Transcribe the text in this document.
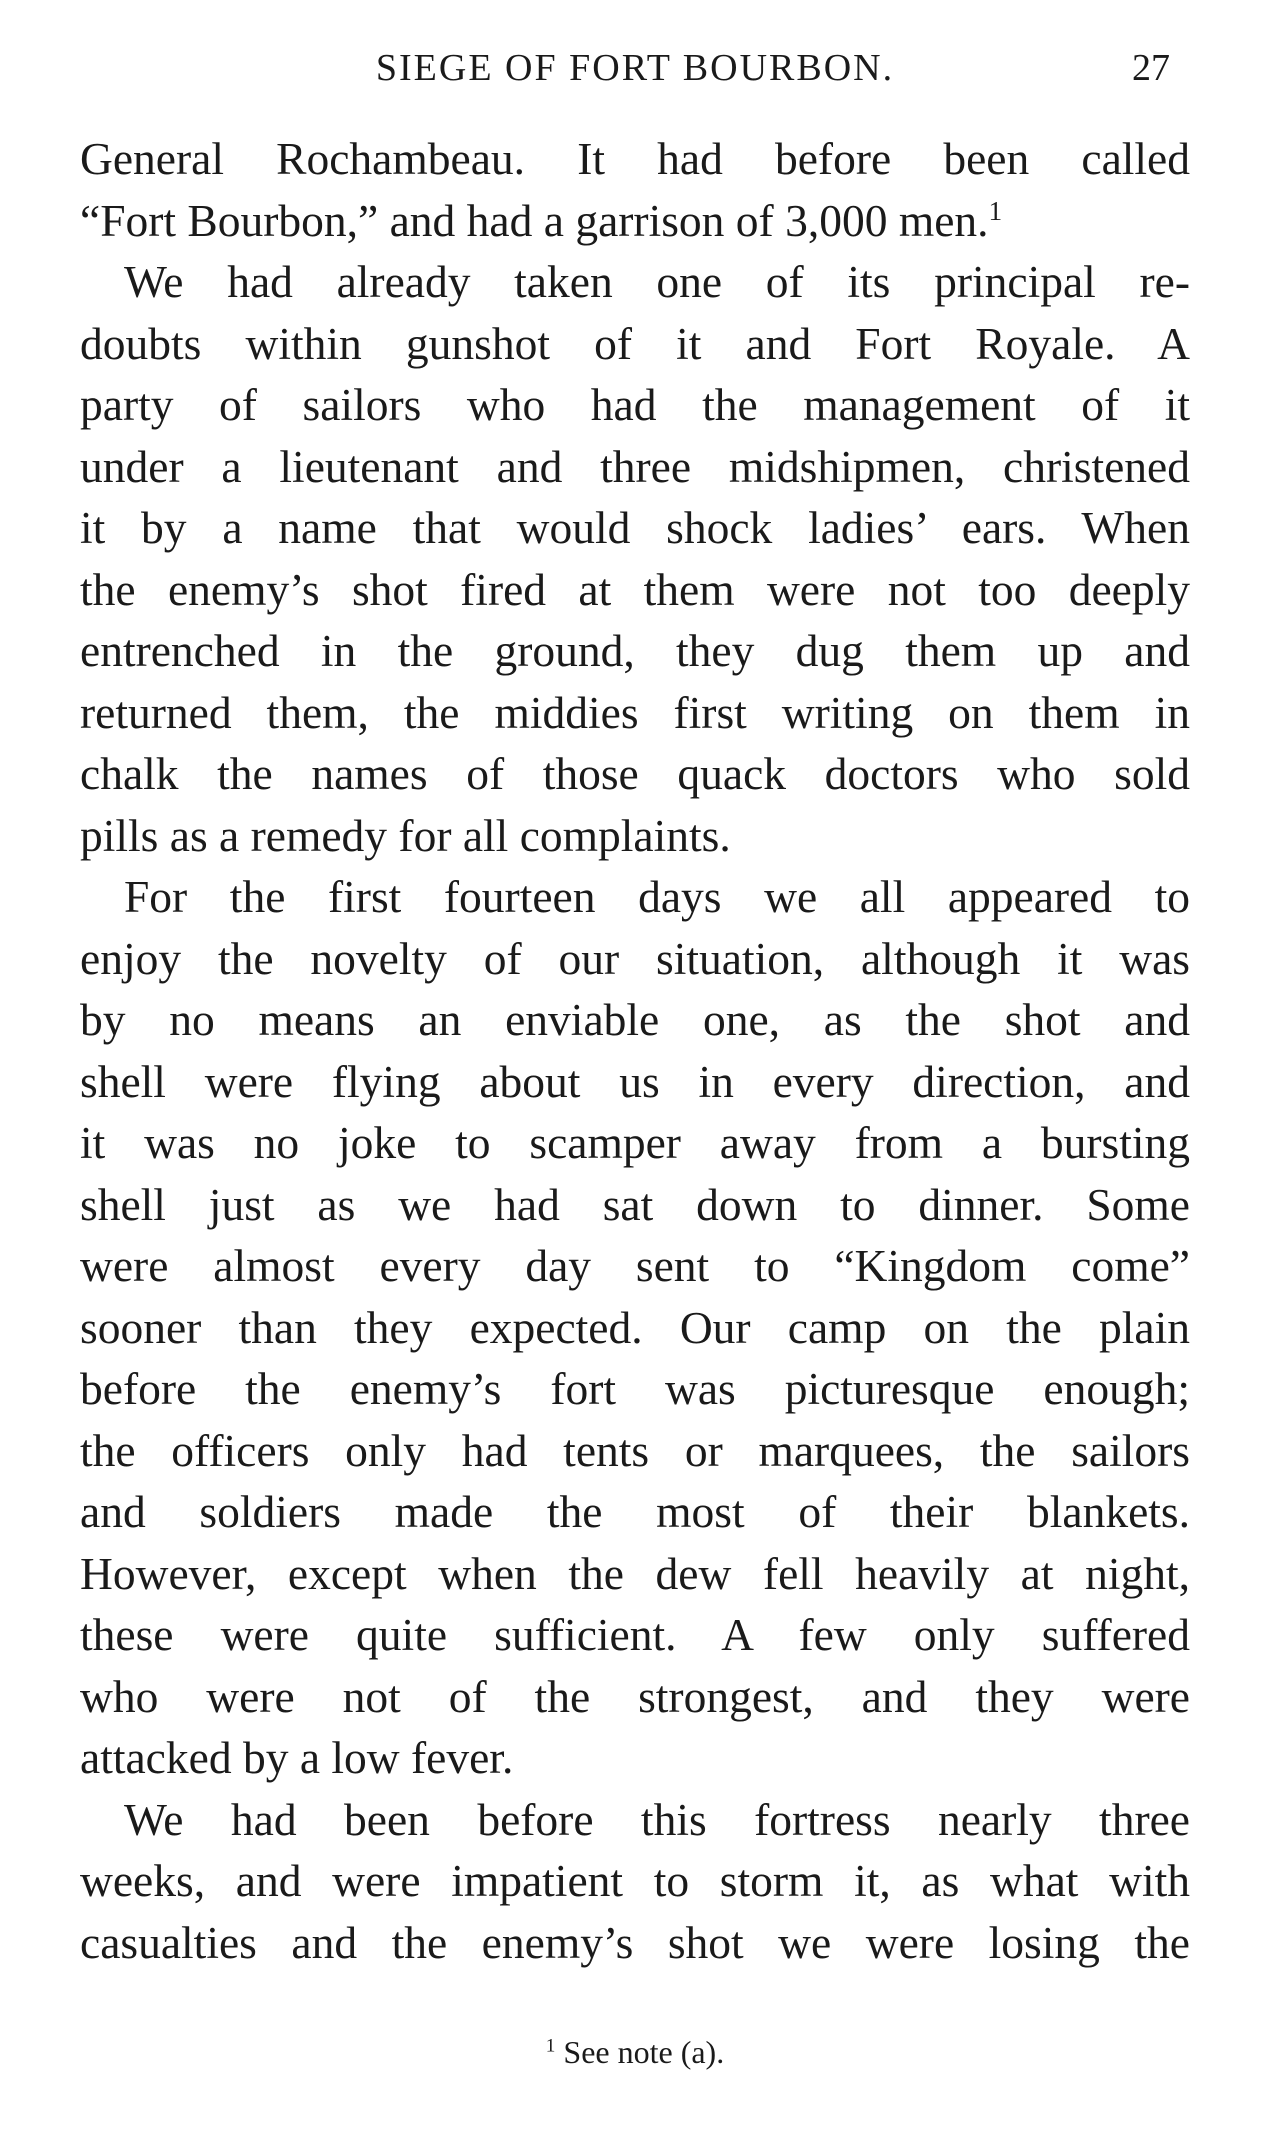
SIEGE OF FORT BOURBON.	27

General Rochambeau. It had before been called
“Fort Bourbon,” and had a garrison of 3,000 men.$^1$

We had already taken one of its principal re-
doubts within gunshot of it and Fort Royale. A
party of sailors who had the management of it
under a lieutenant and three midshipmen, christened
it by a name that would shock ladies’ ears. When
the enemy’s shot fired at them were not too deeply
entrenched in the ground, they dug them up and
returned them, the middies first writing on them in
chalk the names of those quack doctors who sold
pills as a remedy for all complaints.

For the first fourteen days we all appeared to
enjoy the novelty of our situation, although it was
by no means an enviable one, as the shot and
shell were flying about us in every direction, and
it was no joke to scamper away from a bursting
shell just as we had sat down to dinner. Some
were almost every day sent to “Kingdom come”
sooner than they expected. Our camp on the plain
before the enemy’s fort was picturesque enough;
the officers only had tents or marquees, the sailors
and soldiers made the most of their blankets.
However, except when the dew fell heavily at night,
these were quite sufficient. A few only suffered
who were not of the strongest, and they were
attacked by a low fever.

We had been before this fortress nearly three
weeks, and were impatient to storm it, as what with
casualties and the enemy’s shot we were losing the

$^1$ See note (a).
